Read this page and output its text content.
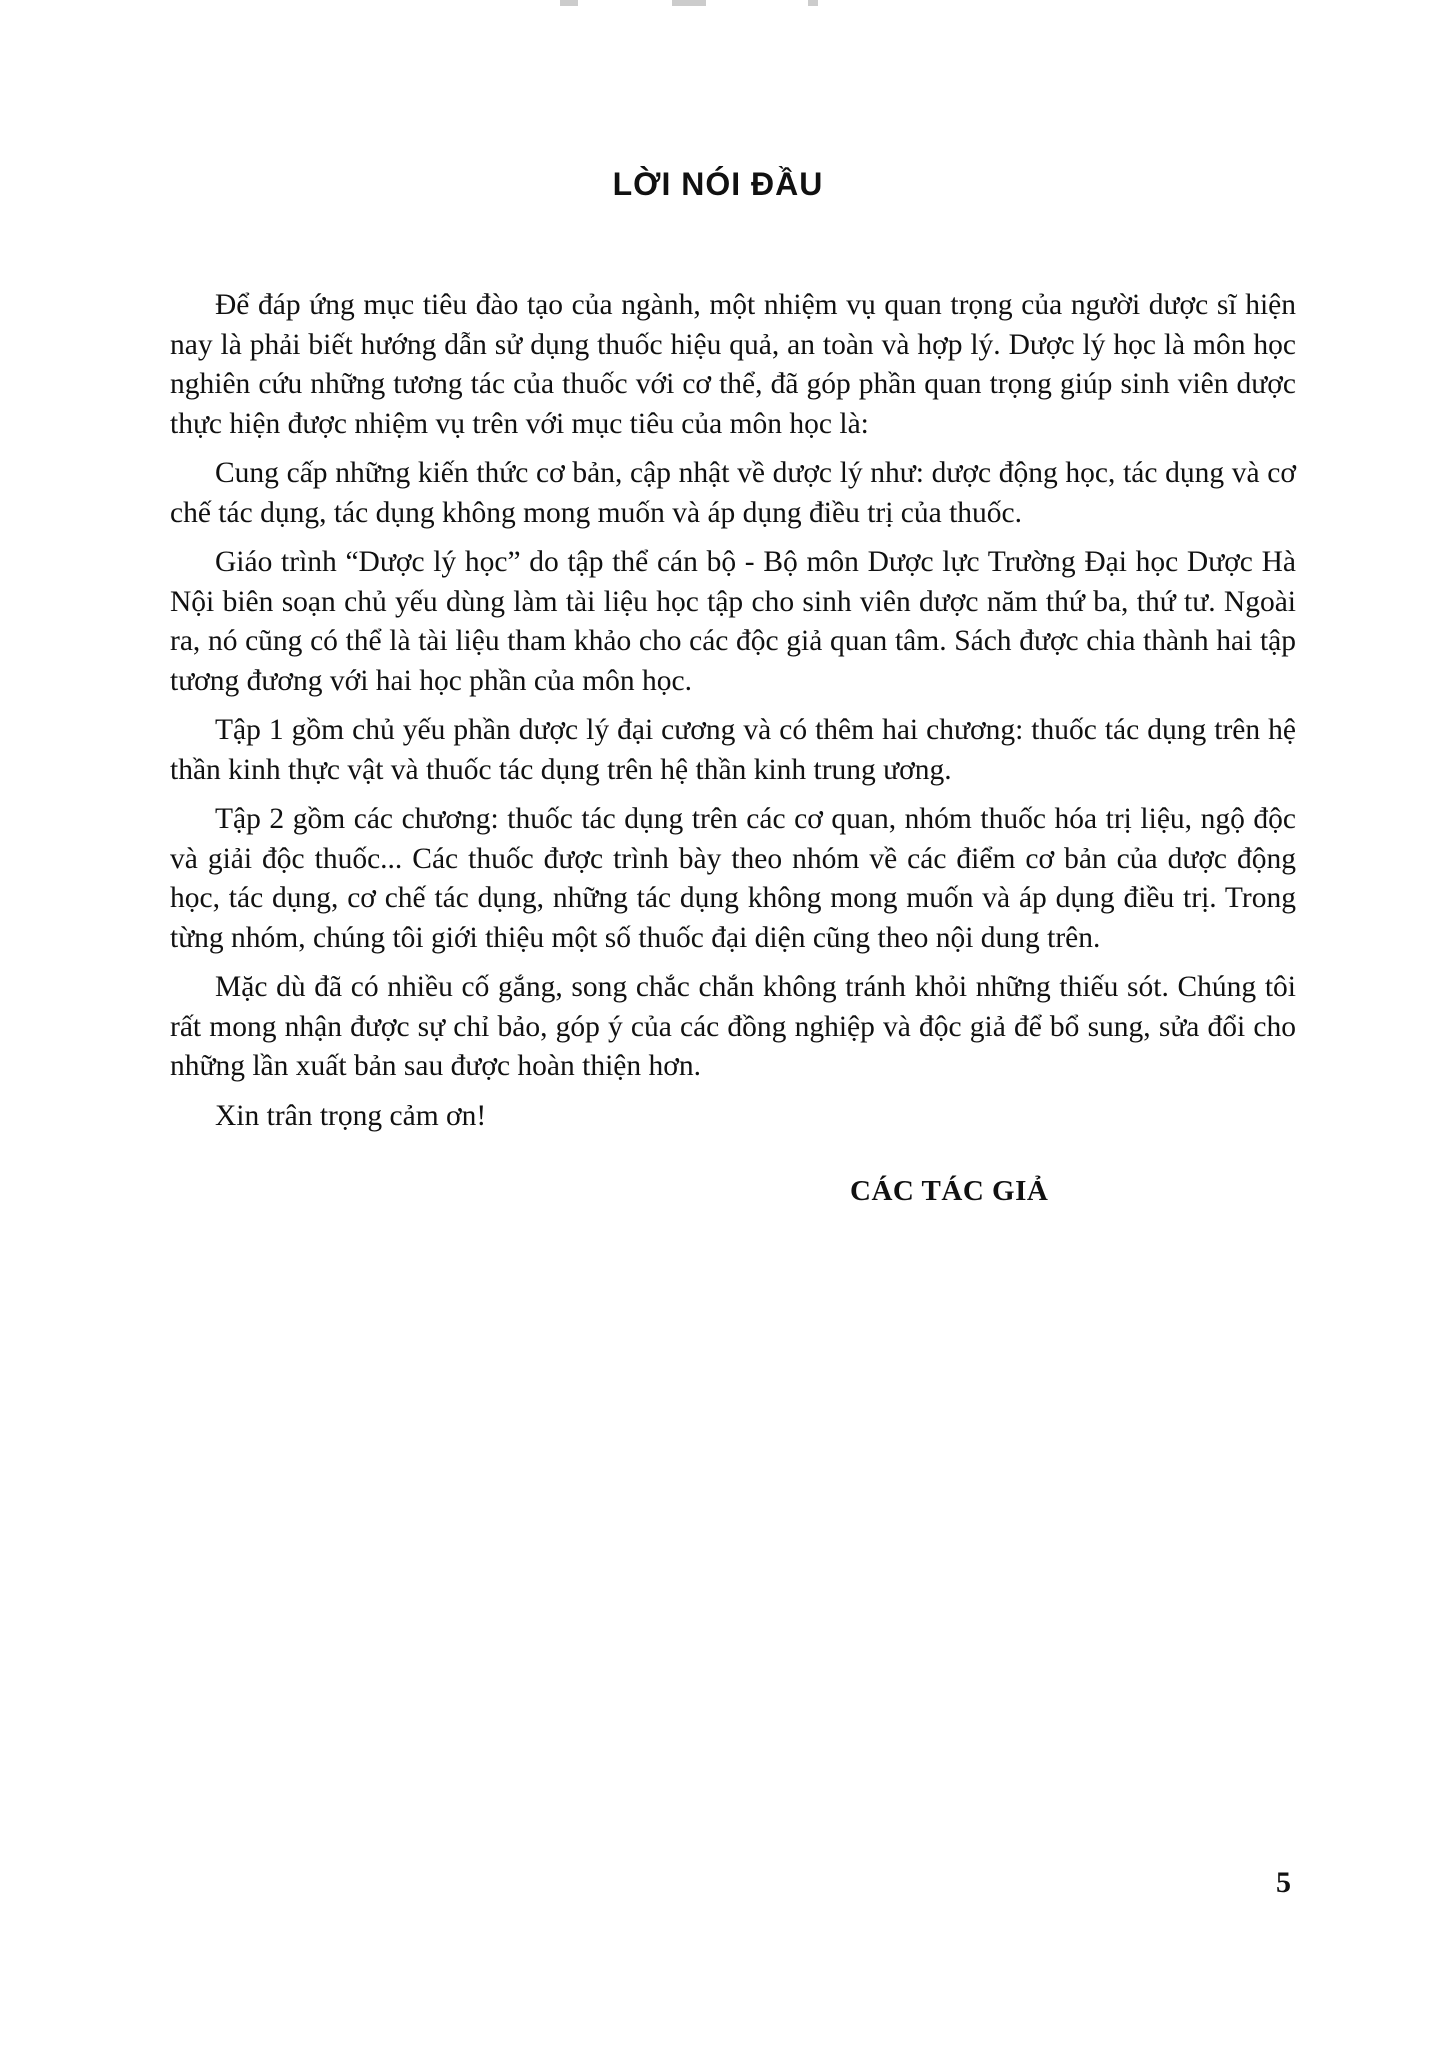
LỜI NÓI ĐẦU

Để đáp ứng mục tiêu đào tạo của ngành, một nhiệm vụ quan trọng của người dược sĩ hiện nay là phải biết hướng dẫn sử dụng thuốc hiệu quả, an toàn và hợp lý. Dược lý học là môn học nghiên cứu những tương tác của thuốc với cơ thể, đã góp phần quan trọng giúp sinh viên dược thực hiện được nhiệm vụ trên với mục tiêu của môn học là:

Cung cấp những kiến thức cơ bản, cập nhật về dược lý như: dược động học, tác dụng và cơ chế tác dụng, tác dụng không mong muốn và áp dụng điều trị của thuốc.

Giáo trình “Dược lý học” do tập thể cán bộ - Bộ môn Dược lực Trường Đại học Dược Hà Nội biên soạn chủ yếu dùng làm tài liệu học tập cho sinh viên dược năm thứ ba, thứ tư. Ngoài ra, nó cũng có thể là tài liệu tham khảo cho các độc giả quan tâm. Sách được chia thành hai tập tương đương với hai học phần của môn học.

Tập 1 gồm chủ yếu phần dược lý đại cương và có thêm hai chương: thuốc tác dụng trên hệ thần kinh thực vật và thuốc tác dụng trên hệ thần kinh trung ương.

Tập 2 gồm các chương: thuốc tác dụng trên các cơ quan, nhóm thuốc hóa trị liệu, ngộ độc và giải độc thuốc... Các thuốc được trình bày theo nhóm về các điểm cơ bản của dược động học, tác dụng, cơ chế tác dụng, những tác dụng không mong muốn và áp dụng điều trị. Trong từng nhóm, chúng tôi giới thiệu một số thuốc đại diện cũng theo nội dung trên.

Mặc dù đã có nhiều cố gắng, song chắc chắn không tránh khỏi những thiếu sót. Chúng tôi rất mong nhận được sự chỉ bảo, góp ý của các đồng nghiệp và độc giả để bổ sung, sửa đổi cho những lần xuất bản sau được hoàn thiện hơn.

Xin trân trọng cảm ơn!

CÁC TÁC GIẢ
5
